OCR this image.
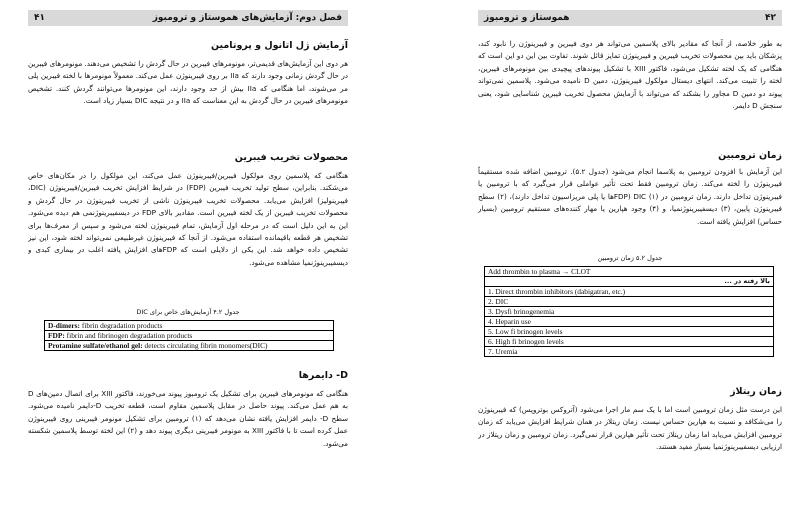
فصل دوم: آزمایش‌های هموستاز و ترومبوز
۴۱
آزمایش ژل اتانول و پروتامین
هر دوی این آزمایش‌های قدیمی‌تر، مونومرهای فیبرین در حال گردش را تشخیص می‌دهند. مونومرهای فیبرین در حال گردش زمانی وجود دارند که IIa بر روی فیبرینوژن عمل می‌کند. معمولاً مونومرها با لخته فیبرین پلی مر می‌شوند، اما هنگامی که IIa بیش از حد وجود دارند، این مونومرها می‌توانند گردش کنند. تشخیص مونومرهای فیبرین در حال گردش به این معناست که IIa و در نتیجه DIC بسیار زیاد است.
محصولات تخریب فیبرین
هنگامی که پلاسمین روی مولکول فیبرین/فیبرینوژن عمل می‌کند، این مولکول را در مکان‌های خاص می‌شکند. بنابراین، سطح تولید تخریب فیبرین (FDP) در شرایط افزایش تخریب فیبرین/فیبرینوژن (DIC، فیبرینولیز) افزایش می‌یابد. محصولات تخریب فیبرینوژن ناشی از تخریب فیبرینوژن در حال گردش و محصولات تخریب فیبرین از یک لخته فیبرین است. مقادیر بالای FDP در دیسفیبرینوژنمی هم دیده می‌شود. این به این دلیل است که در مرحله اول آزمایش، تمام فیبرینوژن لخته می‌شود و سپس از معرف‌ها برای تشخیص هر قطعه باقیمانده استفاده می‌شود. از آنجا که فیبرینوژن غیرطبیعی نمی‌تواند لخته شود، این نیز تشخیص داده خواهد شد. این یکی از دلایلی است که FDPهای افزایش یافته اغلب در بیماری کبدی و دیسفیبرینوژنمیا مشاهده می‌شود.
جدول ۴.۲ آزمایش‌های خاص برای DIC
D-dimers: fibrin degradation products
FDP: fibrin and fibrinogen degradation products
Protamine sulfate/ethanol gel: detects circulating fibrin monomers(DIC)
D- دایمرها
هنگامی که مونومرهای فیبرین برای تشکیل یک ترومبوز پیوند می‌خورند، فاکتور XIII برای اتصال دمین‌های D به هم عمل می‌کند. پیوند حاصل در مقابل پلاسمین مقاوم است، قطعه تخریب D-دایمر نامیده می‌شود. سطح D- دایمر افزایش یافته نشان می‌دهد که (۱) ترومبین برای تشکیل مونومر فیبرینی روی فیبرینوژن عمل کرده است تا با فاکتور XIII به مونومر فیبرینی دیگری پیوند دهد و (۲) این لخته توسط پلاسمین شکسته می‌شود.
۴۲
هموستاز و ترومبوز
به طور خلاصه، از آنجا که مقادیر بالای پلاسمین می‌تواند هر دوی فیبرین و فیبرینوژن را نابود کند، پزشکان باید بین محصولات تخریب فیبرین و فیبرینوژن تمایز قائل شوند. تفاوت بین این دو این است که هنگامی که یک لخته تشکیل می‌شود، فاکتور XIII با تشکیل پیوندهای پیچیدی بین مونومرهای فیبرین، لخته را تثبیت می‌کند. انتهای دیستال مولکول فیبرینوژن، دمین D نامیده می‌شود. پلاسمین نمی‌تواند پیوند دو دمین D مجاور را بشکند که می‌تواند با آزمایش محصول تخریب فیبرین شناسایی شود، یعنی سنجش D دایمر.
زمان ترومبین
این آزمایش با افزودن ترومبین به پلاسما انجام می‌شود (جدول ۵.۲). ترومبین اضافه شده مستقیماً فیبرینوژن را لخته می‌کند. زمان ترومبین فقط تحت تأثیر عواملی قرار می‌گیرد که با ترومبین یا فیبرینوژن تداخل دارند. زمان ترومبین در (۱) DIC (FDPها یا پلی مریزاسیون تداخل دارند)، (۲) سطح فیبرینوژن پایین، (۳) دیسفیبرینوژنمیا، و (۴) وجود هپارین یا مهار کننده‌های مستقیم ترومبین (بسیار حساس) افزایش یافته است.
جدول ۵.۲ زمان ترومبین
Add thrombin to plasma → CLOT
بالا رفته در ...
1. Direct thrombin inhibitors (dabigatran, etc.)
2. DIC
3. Dysfi brinogenemia
4. Heparin use
5. Low fi brinogen levels
6. High fi brinogen levels
7. Uremia
زمان ریتلاز
این درست مثل زمان ترومبین است اما با یک سم مار اجرا می‌شود (آتروکس بوتروپس) که فیبرینوژن را می‌شکافد و نسبت به هپارین حساس نیست. زمان ریتلاز در همان شرایط افزایش می‌یابد که زمان ترومبین افزایش می‌یابد اما زمان ریتلاز تحت تأثیر هپارین قرار نمی‌گیرد. زمان ترومبین و زمان ریتلاز در ارزیابی دیسفیبرینوژنمیا بسیار مفید هستند.
